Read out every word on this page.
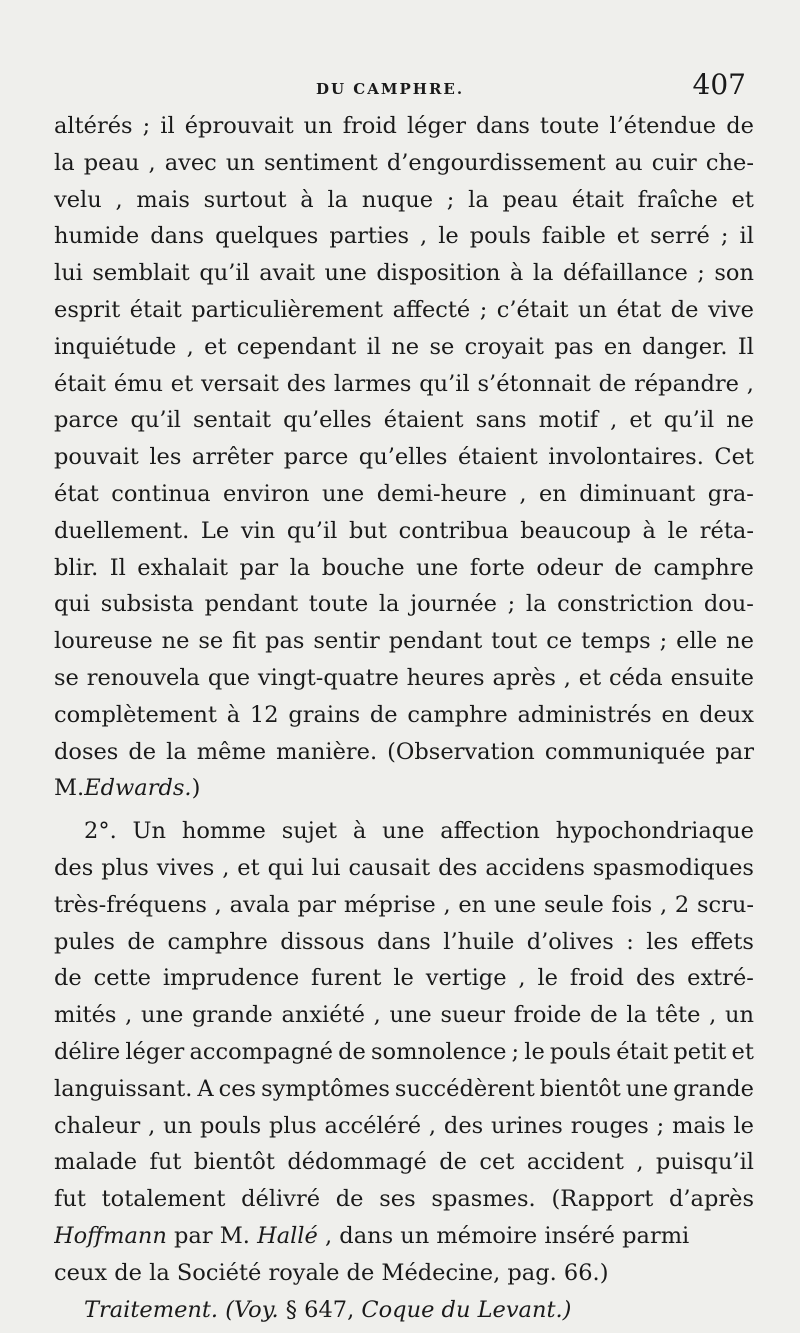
DU CAMPHRE.	407
altérés ; il éprouvait un froid léger dans toute l’étendue de
la peau , avec un sentiment d’engourdissement au cuir che-
velu , mais surtout à la nuque ; la peau était fraîche et
humide dans quelques parties , le pouls faible et serré ; il
lui semblait qu’il avait une disposition à la défaillance ; son
esprit était particulièrement affecté ; c’était un état de vive
inquiétude , et cependant il ne se croyait pas en danger. Il
était ému et versait des larmes qu’il s’étonnait de répandre ,
parce qu’il sentait qu’elles étaient sans motif , et qu’il ne
pouvait les arrêter parce qu’elles étaient involontaires. Cet
état continua environ une demi-heure , en diminuant gra-
duellement. Le vin qu’il but contribua beaucoup à le réta-
blir. Il exhalait par la bouche une forte odeur de camphre
qui subsista pendant toute la journée ; la constriction dou-
loureuse ne se fit pas sentir pendant tout ce temps ; elle ne
se renouvela que vingt-quatre heures après , et céda ensuite
complètement à 12 grains de camphre administrés en deux
doses de la même manière. (Observation communiquée par
M. Edwards. )
2°. Un homme sujet à une affection hypochondriaque
des plus vives , et qui lui causait des accidens spasmodiques
très-fréquens , avala par méprise , en une seule fois , 2 scru-
pules de camphre dissous dans l’huile d’olives : les effets
de cette imprudence furent le vertige , le froid des extré-
mités , une grande anxiété , une sueur froide de la tête , un
délire léger accompagné de somnolence ; le pouls était petit et
languissant. A ces symptômes succédèrent bientôt une grande
chaleur , un pouls plus accéléré , des urines rouges ; mais le
malade fut bientôt dédommagé de cet accident , puisqu’il
fut totalement délivré de ses spasmes. (Rapport d’après
Hoffmann par M. Hallé , dans un mémoire inséré parmi
ceux de la Société royale de Médecine, pag. 66.)
Traitement. ( Voy. § 647, Coque du Levant. )
